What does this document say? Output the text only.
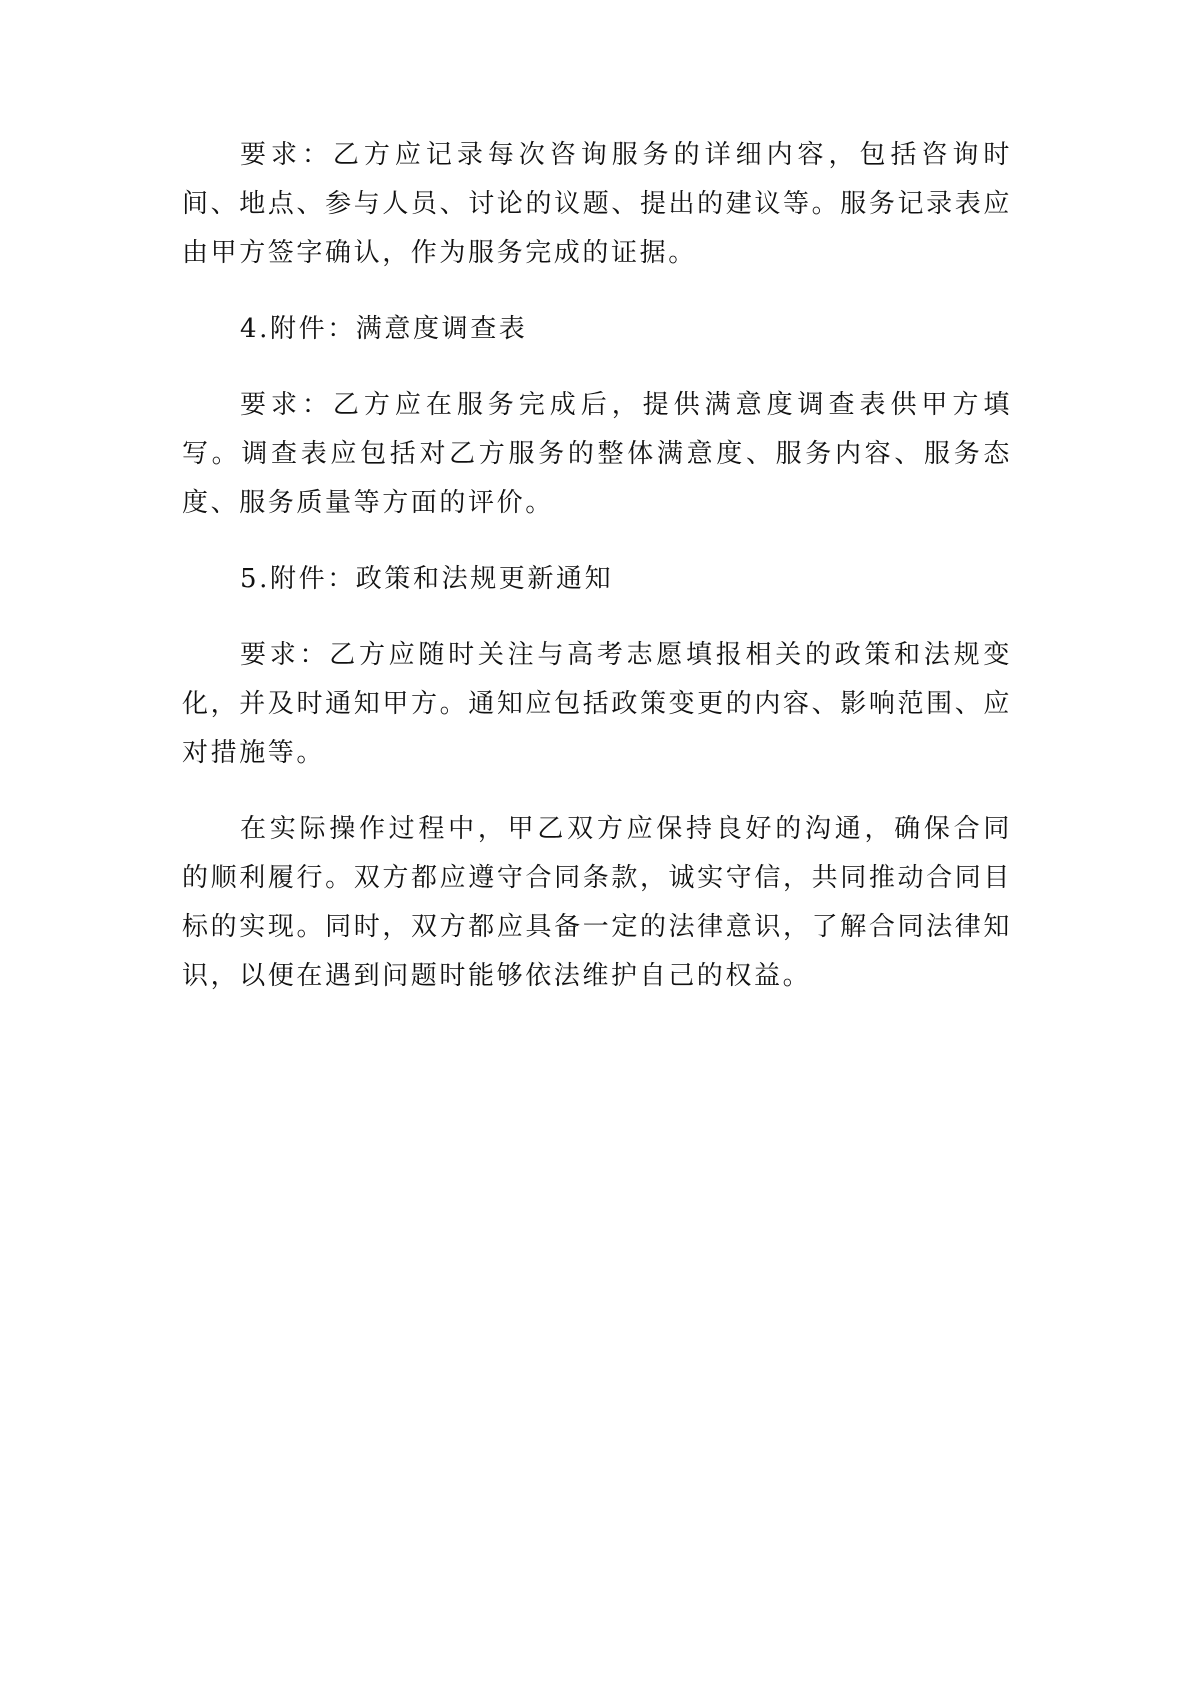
要求：乙方应记录每次咨询服务的详细内容，包括咨询时间、地点、参与人员、讨论的议题、提出的建议等。服务记录表应由甲方签字确认，作为服务完成的证据。

4.附件：满意度调查表

要求：乙方应在服务完成后，提供满意度调查表供甲方填写。调查表应包括对乙方服务的整体满意度、服务内容、服务态度、服务质量等方面的评价。

5.附件：政策和法规更新通知

要求：乙方应随时关注与高考志愿填报相关的政策和法规变化，并及时通知甲方。通知应包括政策变更的内容、影响范围、应对措施等。

在实际操作过程中，甲乙双方应保持良好的沟通，确保合同的顺利履行。双方都应遵守合同条款，诚实守信，共同推动合同目标的实现。同时，双方都应具备一定的法律意识，了解合同法律知识，以便在遇到问题时能够依法维护自己的权益。
